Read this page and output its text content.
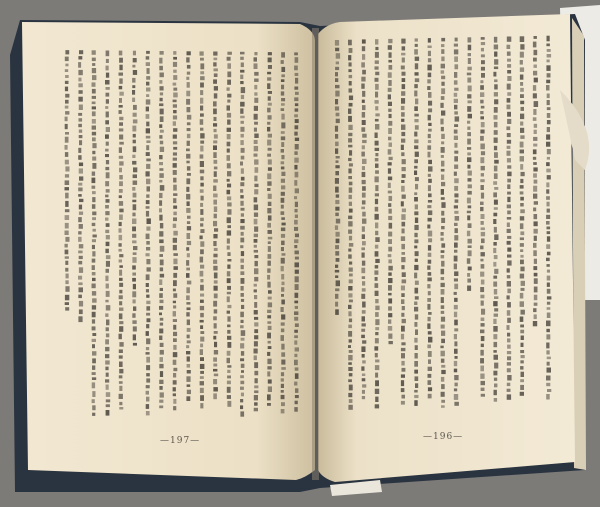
—197—	—196—
